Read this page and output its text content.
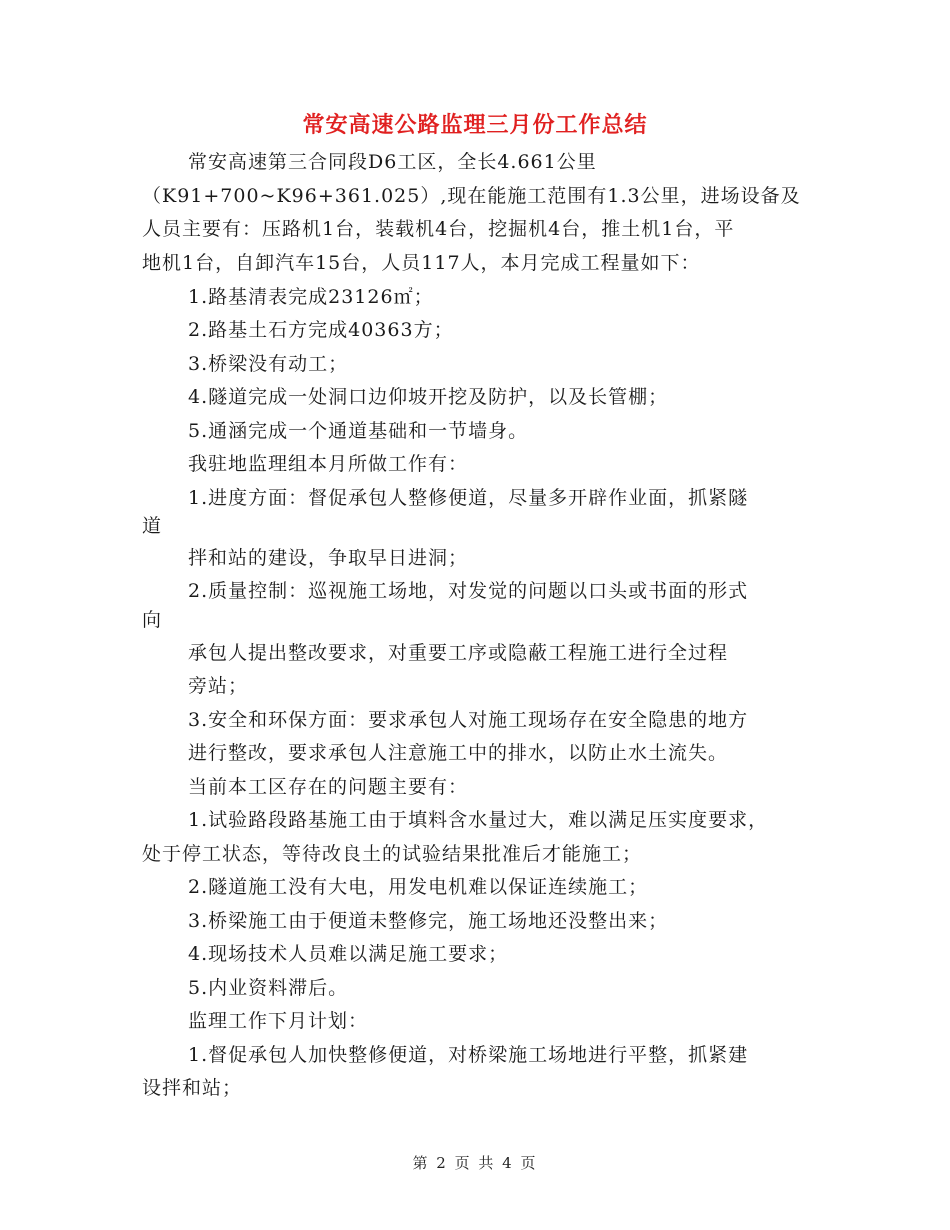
常安高速公路监理三月份工作总结
常安高速第三合同段D6工区，全长4.661公里
（K91+700~K96+361.025）,现在能施工范围有1.3公里，进场设备及
人员主要有：压路机1台，装载机4台，挖掘机4台，推土机1台，平
地机1台，自卸汽车15台，人员117人，本月完成工程量如下：
1.路基清表完成23126㎡；
2.路基土石方完成40363方；
3.桥梁没有动工；
4.隧道完成一处洞口边仰坡开挖及防护，以及长管棚；
5.通涵完成一个通道基础和一节墙身。
我驻地监理组本月所做工作有：
1.进度方面：督促承包人整修便道，尽量多开辟作业面，抓紧隧
道
拌和站的建设，争取早日进洞；
2.质量控制：巡视施工场地，对发觉的问题以口头或书面的形式
向
承包人提出整改要求，对重要工序或隐蔽工程施工进行全过程
旁站；
3.安全和环保方面：要求承包人对施工现场存在安全隐患的地方
进行整改，要求承包人注意施工中的排水，以防止水土流失。
当前本工区存在的问题主要有：
1.试验路段路基施工由于填料含水量过大，难以满足压实度要求，
处于停工状态，等待改良土的试验结果批准后才能施工；
2.隧道施工没有大电，用发电机难以保证连续施工；
3.桥梁施工由于便道未整修完，施工场地还没整出来；
4.现场技术人员难以满足施工要求；
5.内业资料滞后。
监理工作下月计划：
1.督促承包人加快整修便道，对桥梁施工场地进行平整，抓紧建
设拌和站；
第 2 页 共 4 页
